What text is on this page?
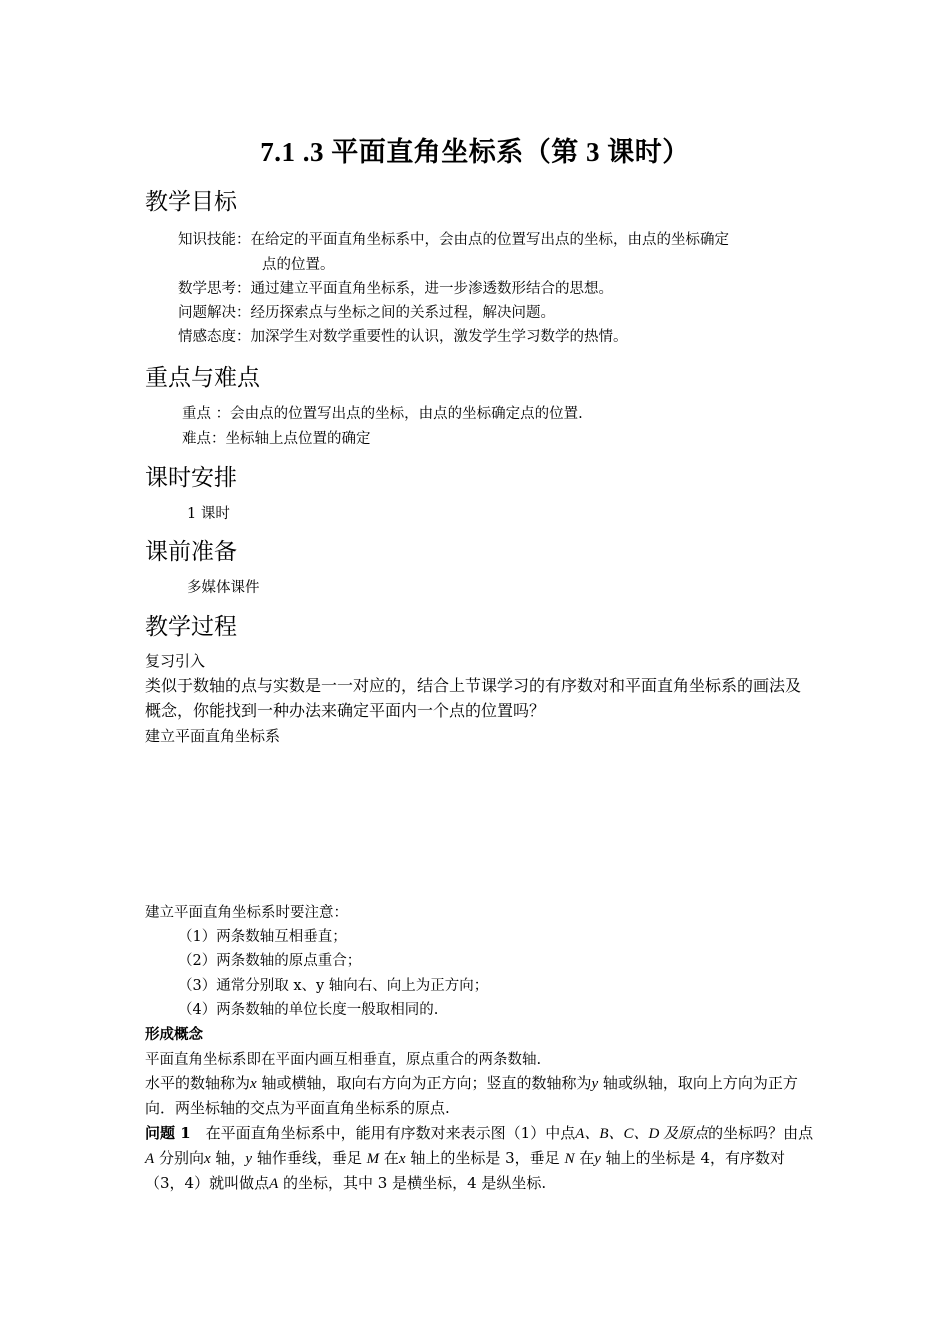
7.1 .3 平面直角坐标系（第 3 课时）
教学目标
知识技能：在给定的平面直角坐标系中，会由点的位置写出点的坐标，由点的坐标确定
点的位置。
数学思考：通过建立平面直角坐标系，进一步渗透数形结合的思想。
问题解决：经历探索点与坐标之间的关系过程，解决问题。
情感态度：加深学生对数学重要性的认识，激发学生学习数学的热情。
重点与难点
重点 ：会由点的位置写出点的坐标，由点的坐标确定点的位置.
难点：坐标轴上点位置的确定
课时安排
1 课时
课前准备
多媒体课件
教学过程
复习引入
类似于数轴的点与实数是一一对应的，结合上节课学习的有序数对和平面直角坐标系的画法及概念，你能找到一种办法来确定平面内一个点的位置吗？
建立平面直角坐标系
建立平面直角坐标系时要注意：
（1）两条数轴互相垂直；
（2）两条数轴的原点重合；
（3）通常分别取 x、y 轴向右、向上为正方向；
（4）两条数轴的单位长度一般取相同的.
形成概念
平面直角坐标系即在平面内画互相垂直，原点重合的两条数轴.
水平的数轴称为x 轴或横轴，取向右方向为正方向；竖直的数轴称为y 轴或纵轴，取向上方向为正方向．两坐标轴的交点为平面直角坐标系的原点.
问题 1　在平面直角坐标系中，能用有序数对来表示图（1）中点A、B、C、D 及原点的坐标吗？由点A 分别向x 轴，y 轴作垂线，垂足 M 在x 轴上的坐标是 3，垂足 N 在y 轴上的坐标是 4，有序数对（3，4）就叫做点A 的坐标，其中 3 是横坐标，4 是纵坐标.
